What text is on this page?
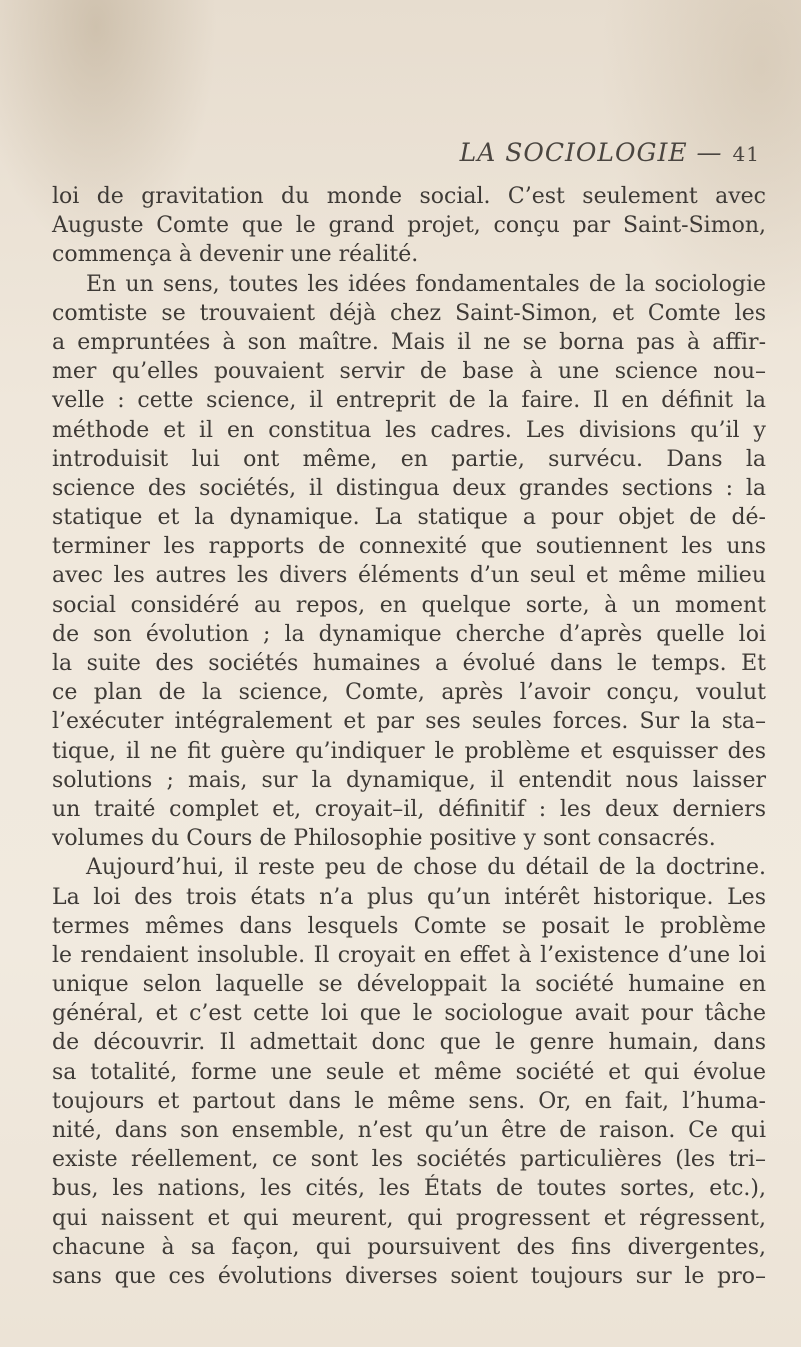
LA SOCIOLOGIE — 41
loi de gravitation du monde social. C’est seulement avec
Auguste Comte que le grand projet, conçu par Saint-Simon,
commença à devenir une réalité.
En un sens, toutes les idées fondamentales de la sociologie
comtiste se trouvaient déjà chez Saint-Simon, et Comte les
a empruntées à son maître. Mais il ne se borna pas à affir-
mer qu’elles pouvaient servir de base à une science nou–
velle : cette science, il entreprit de la faire. Il en définit la
méthode et il en constitua les cadres. Les divisions qu’il y
introduisit lui ont même, en partie, survécu. Dans la
science des sociétés, il distingua deux grandes sections : la
statique et la dynamique. La statique a pour objet de dé-
terminer les rapports de connexité que soutiennent les uns
avec les autres les divers éléments d’un seul et même milieu
social considéré au repos, en quelque sorte, à un moment
de son évolution ; la dynamique cherche d’après quelle loi
la suite des sociétés humaines a évolué dans le temps. Et
ce plan de la science, Comte, après l’avoir conçu, voulut
l’exécuter intégralement et par ses seules forces. Sur la sta–
tique, il ne fit guère qu’indiquer le problème et esquisser des
solutions ; mais, sur la dynamique, il entendit nous laisser
un traité complet et, croyait–il, définitif : les deux derniers
volumes du Cours de Philosophie positive y sont consacrés.
Aujourd’hui, il reste peu de chose du détail de la doctrine.
La loi des trois états n’a plus qu’un intérêt historique. Les
termes mêmes dans lesquels Comte se posait le problème
le rendaient insoluble. Il croyait en effet à l’existence d’une loi
unique selon laquelle se développait la société humaine en
général, et c’est cette loi que le sociologue avait pour tâche
de découvrir. Il admettait donc que le genre humain, dans
sa totalité, forme une seule et même société et qui évolue
toujours et partout dans le même sens. Or, en fait, l’huma-
nité, dans son ensemble, n’est qu’un être de raison. Ce qui
existe réellement, ce sont les sociétés particulières (les tri–
bus, les nations, les cités, les États de toutes sortes, etc.),
qui naissent et qui meurent, qui progressent et régressent,
chacune à sa façon, qui poursuivent des fins divergentes,
sans que ces évolutions diverses soient toujours sur le pro–
